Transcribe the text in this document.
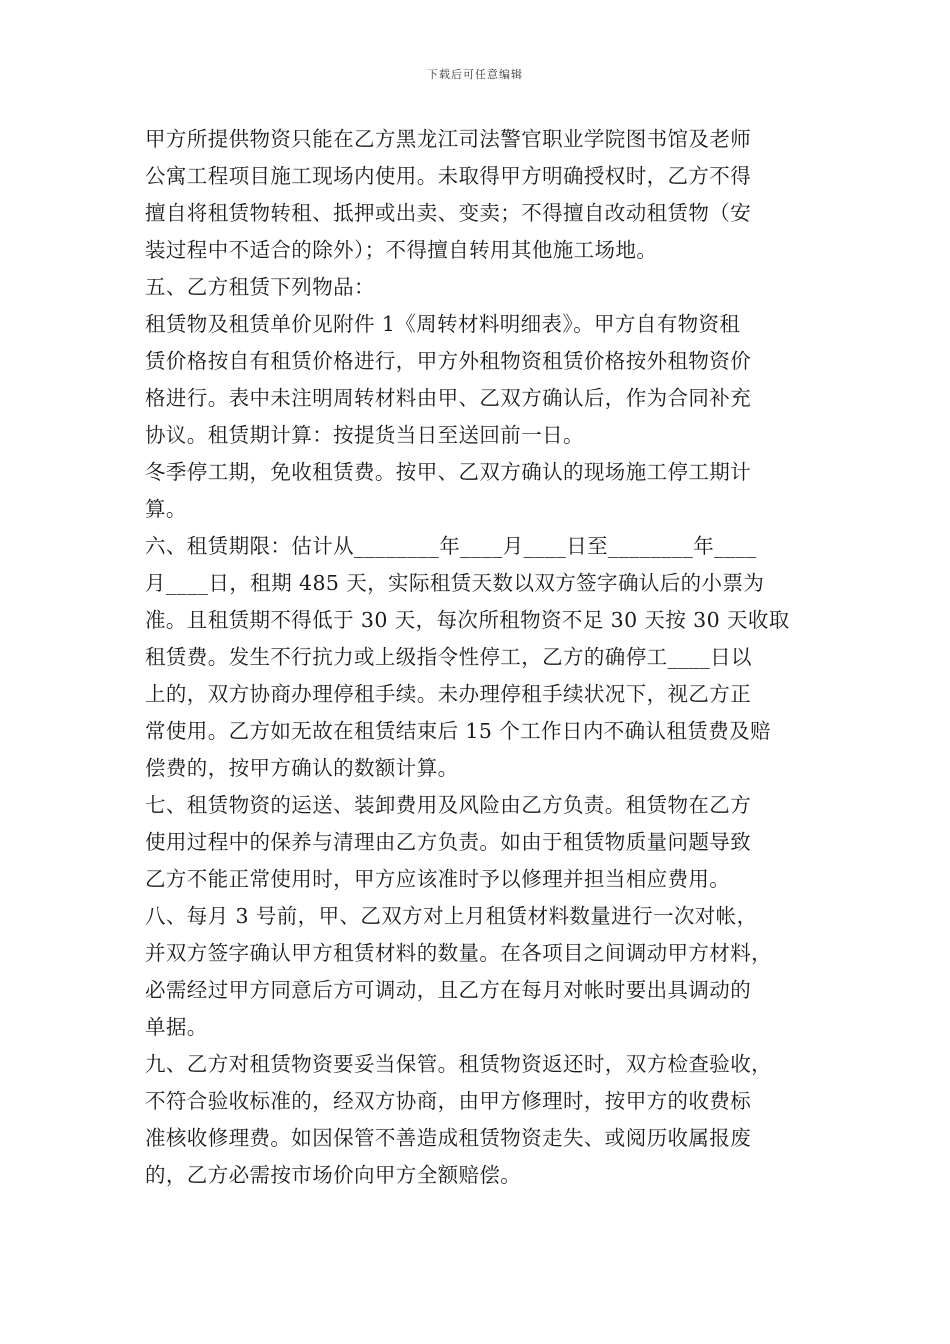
下载后可任意编辑
甲方所提供物资只能在乙方黑龙江司法警官职业学院图书馆及老师
公寓工程项目施工现场内使用。未取得甲方明确授权时，乙方不得
擅自将租赁物转租、抵押或出卖、变卖；不得擅自改动租赁物（安
装过程中不适合的除外）；不得擅自转用其他施工场地。
五、乙方租赁下列物品：
租赁物及租赁单价见附件 1《周转材料明细表》。甲方自有物资租
赁价格按自有租赁价格进行，甲方外租物资租赁价格按外租物资价
格进行。表中未注明周转材料由甲、乙双方确认后，作为合同补充
协议。租赁期计算：按提货当日至送回前一日。
冬季停工期，免收租赁费。按甲、乙双方确认的现场施工停工期计
算。
六、租赁期限：估计从________年____月____日至________年____
月____日，租期 485 天，实际租赁天数以双方签字确认后的小票为
准。且租赁期不得低于 30 天，每次所租物资不足 30 天按 30 天收取
租赁费。发生不行抗力或上级指令性停工，乙方的确停工____日以
上的，双方协商办理停租手续。未办理停租手续状况下，视乙方正
常使用。乙方如无故在租赁结束后 15 个工作日内不确认租赁费及赔
偿费的，按甲方确认的数额计算。
七、租赁物资的运送、装卸费用及风险由乙方负责。租赁物在乙方
使用过程中的保养与清理由乙方负责。如由于租赁物质量问题导致
乙方不能正常使用时，甲方应该准时予以修理并担当相应费用。
八、每月 3 号前，甲、乙双方对上月租赁材料数量进行一次对帐，
并双方签字确认甲方租赁材料的数量。在各项目之间调动甲方材料，
必需经过甲方同意后方可调动，且乙方在每月对帐时要出具调动的
单据。
九、乙方对租赁物资要妥当保管。租赁物资返还时，双方检查验收，
不符合验收标准的，经双方协商，由甲方修理时，按甲方的收费标
准核收修理费。如因保管不善造成租赁物资走失、或阅历收属报废
的，乙方必需按市场价向甲方全额赔偿。
